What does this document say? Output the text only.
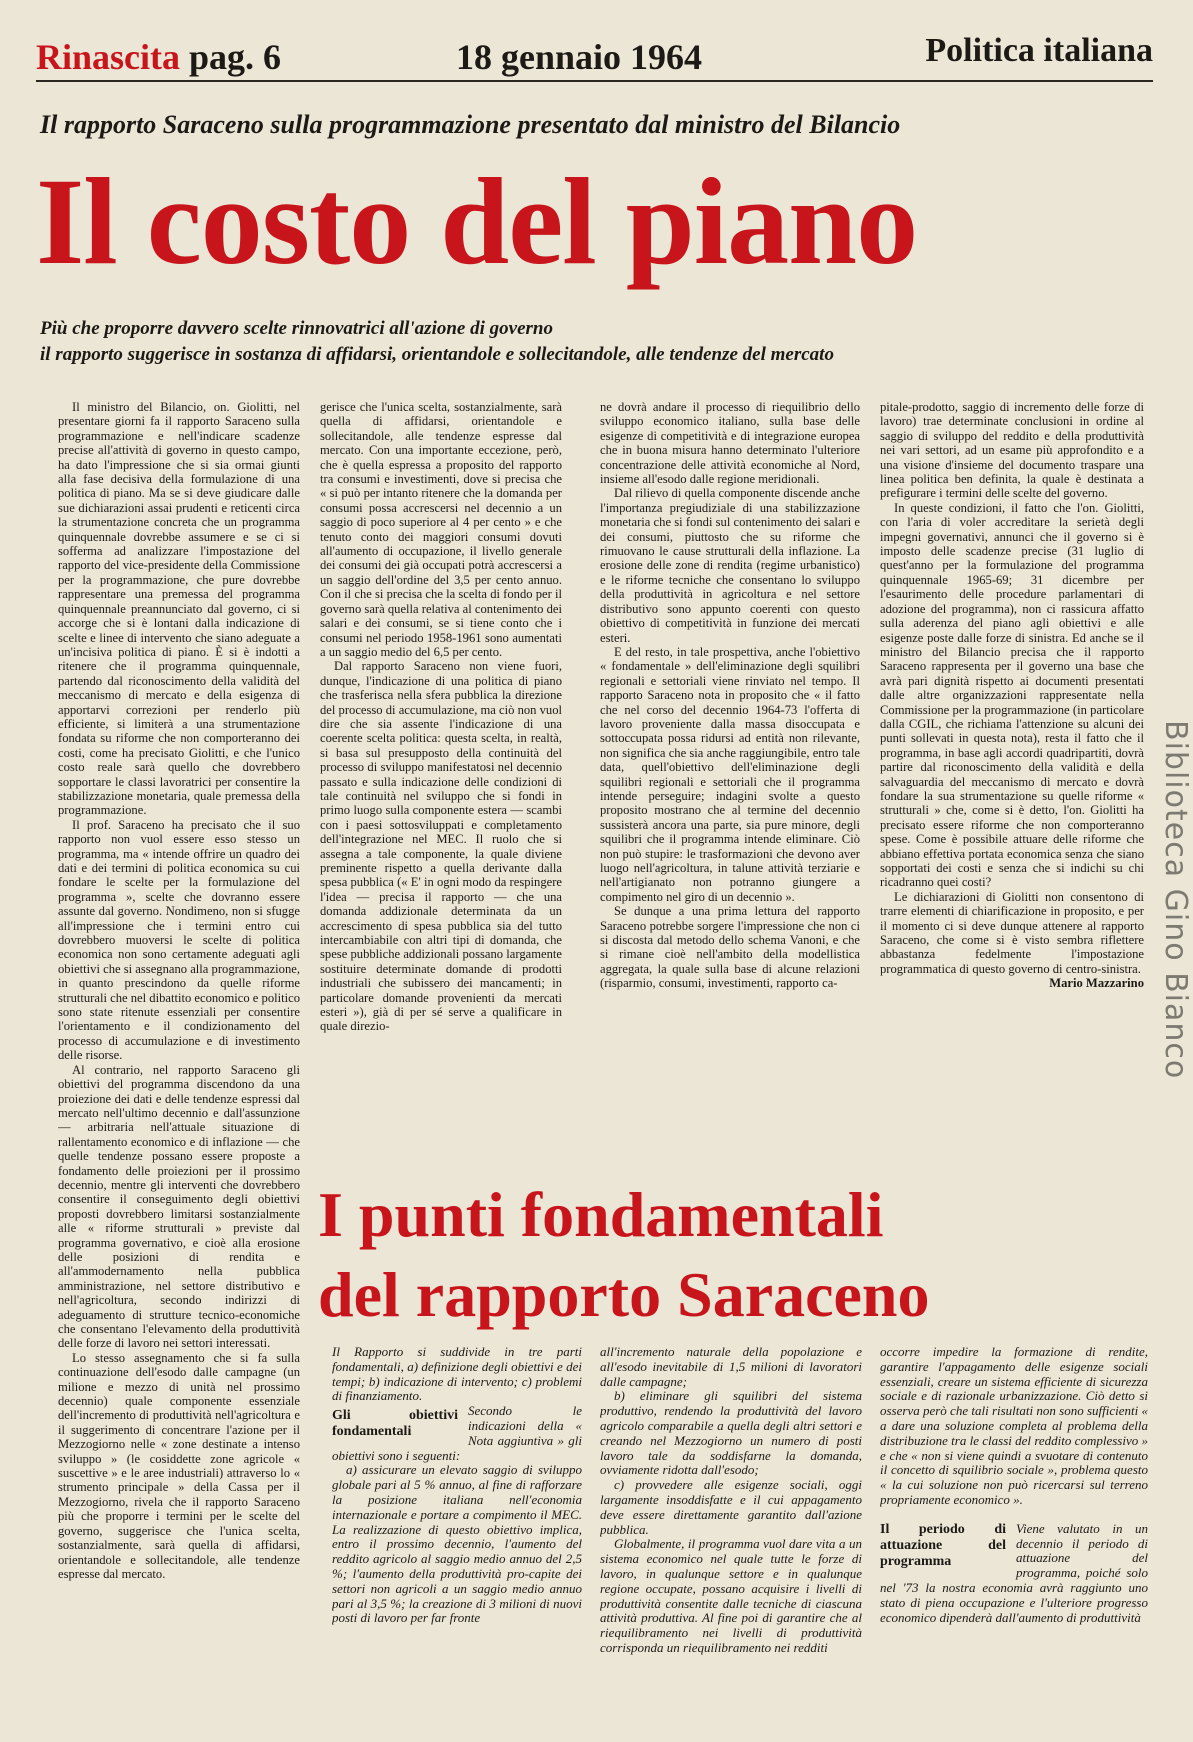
Rinascita pag. 6	18 gennaio 1964	Politica italiana
Il rapporto Saraceno sulla programmazione presentato dal ministro del Bilancio
Il costo del piano
Più che proporre davvero scelte rinnovatrici all'azione di governo
il rapporto suggerisce in sostanza di affidarsi, orientandole e sollecitandole, alle tendenze del mercato

Il ministro del Bilancio, on. Giolitti, nel presentare giorni fa il rapporto Saraceno sulla programmazione e nell'indicare scadenze precise all'attività di governo in questo campo, ha dato l'impressione che si sia ormai giunti alla fase decisiva della formulazione di una politica di piano. Ma se si deve giudicare dalle sue dichiarazioni assai prudenti e reticenti circa la strumentazione concreta che un programma quinquennale dovrebbe assumere e se ci si sofferma ad analizzare l'impostazione del rapporto del vice-presidente della Commissione per la programmazione, che pure dovrebbe rappresentare una premessa del programma quinquennale preannunciato dal governo, ci si accorge che si è lontani dalla indicazione di scelte e linee di intervento che siano adeguate a un'incisiva politica di piano. È si è indotti a ritenere che il programma quinquennale, partendo dal riconoscimento della validità del meccanismo di mercato e della esigenza di apportarvi correzioni per renderlo più efficiente, si limiterà a una strumentazione fondata su riforme che non comporteranno dei costi, come ha precisato Giolitti, e che l'unico costo reale sarà quello che dovrebbero sopportare le classi lavoratrici per consentire la stabilizzazione monetaria, quale premessa della programmazione.

Il prof. Saraceno ha precisato che il suo rapporto non vuol essere esso stesso un programma, ma « intende offrire un quadro dei dati e dei termini di politica economica su cui fondare le scelte per la formulazione del programma », scelte che dovranno essere assunte dal governo. Nondimeno, non si sfugge all'impressione che i termini entro cui dovrebbero muoversi le scelte di politica economica non sono certamente adeguati agli obiettivi che si assegnano alla programmazione, in quanto prescindono da quelle riforme strutturali che nel dibattito economico e politico sono state ritenute essenziali per consentire l'orientamento e il condizionamento del processo di accumulazione e di investimento delle risorse.

Al contrario, nel rapporto Saraceno gli obiettivi del programma discendono da una proiezione dei dati e delle tendenze espressi dal mercato nell'ultimo decennio e dall'assunzione — arbitraria nell'attuale situazione di rallentamento economico e di inflazione — che quelle tendenze possano essere proposte a fondamento delle proiezioni per il prossimo decennio, mentre gli interventi che dovrebbero consentire il conseguimento degli obiettivi proposti dovrebbero limitarsi sostanzialmente alle « riforme strutturali » previste dal programma governativo, e cioè alla erosione delle posizioni di rendita e all'ammodernamento nella pubblica amministrazione, nel settore distributivo e nell'agricoltura, secondo indirizzi di adeguamento di strutture tecnico-economiche che consentano l'elevamento della produttività delle forze di lavoro nei settori interessati.

Lo stesso assegnamento che si fa sulla continuazione dell'esodo dalle campagne (un milione e mezzo di unità nel prossimo decennio) quale componente essenziale dell'incremento di produttività nell'agricoltura e il suggerimento di concentrare l'azione per il Mezzogiorno nelle « zone destinate a intenso sviluppo » (le cosiddette zone agricole « suscettive » e le aree industriali) attraverso lo « strumento principale » della Cassa per il Mezzogiorno, rivela che il rapporto Saraceno più che proporre i termini per le scelte del governo, suggerisce che l'unica scelta, sostanzialmente, sarà quella di affidarsi, orientandole e sollecitandole, alle tendenze espresse dal mercato.

gerisce che l'unica scelta, sostanzialmente, sarà quella di affidarsi, orientandole e sollecitandole, alle tendenze espresse dal mercato. Con una importante eccezione, però, che è quella espressa a proposito del rapporto tra consumi e investimenti, dove si precisa che « si può per intanto ritenere che la domanda per consumi possa accrescersi nel decennio a un saggio di poco superiore al 4 per cento » e che tenuto conto dei maggiori consumi dovuti all'aumento di occupazione, il livello generale dei consumi dei già occupati potrà accrescersi a un saggio dell'ordine del 3,5 per cento annuo. Con il che si precisa che la scelta di fondo per il governo sarà quella relativa al contenimento dei salari e dei consumi, se si tiene conto che i consumi nel periodo 1958-1961 sono aumentati a un saggio medio del 6,5 per cento.

Dal rapporto Saraceno non viene fuori, dunque, l'indicazione di una politica di piano che trasferisca nella sfera pubblica la direzione del processo di accumulazione, ma ciò non vuol dire che sia assente l'indicazione di una coerente scelta politica: questa scelta, in realtà, si basa sul presupposto della continuità del processo di sviluppo manifestatosi nel decennio passato e sulla indicazione delle condizioni di tale continuità nel sviluppo che si fondi in primo luogo sulla componente estera — scambi con i paesi sottosviluppati e completamento dell'integrazione nel MEC. Il ruolo che si assegna a tale componente, la quale diviene preminente rispetto a quella derivante dalla spesa pubblica (« E' in ogni modo da respingere l'idea — precisa il rapporto — che una domanda addizionale determinata da un accrescimento di spesa pubblica sia del tutto intercambiabile con altri tipi di domanda, che spese pubbliche addizionali possano largamente sostituire determinate domande di prodotti industriali che subissero dei mancamenti; in particolare domande provenienti da mercati esteri »), già di per sé serve a qualificare in quale direzio-

ne dovrà andare il processo di riequilibrio dello sviluppo economico italiano, sulla base delle esigenze di competitività e di integrazione europea che in buona misura hanno determinato l'ulteriore concentrazione delle attività economiche al Nord, insieme all'esodo dalle regione meridionali.

Dal rilievo di quella componente discende anche l'importanza pregiudiziale di una stabilizzazione monetaria che si fondi sul contenimento dei salari e dei consumi, piuttosto che su riforme che rimuovano le cause strutturali della inflazione. La erosione delle zone di rendita (regime urbanistico) e le riforme tecniche che consentano lo sviluppo della produttività in agricoltura e nel settore distributivo sono appunto coerenti con questo obiettivo di competitività in funzione dei mercati esteri.

E del resto, in tale prospettiva, anche l'obiettivo « fondamentale » dell'eliminazione degli squilibri regionali e settoriali viene rinviato nel tempo. Il rapporto Saraceno nota in proposito che « il fatto che nel corso del decennio 1964-73 l'offerta di lavoro proveniente dalla massa disoccupata e sottoccupata possa ridursi ad entità non rilevante, non significa che sia anche raggiungibile, entro tale data, quell'obiettivo dell'eliminazione degli squilibri regionali e settoriali che il programma intende perseguire; indagini svolte a questo proposito mostrano che al termine del decennio sussisterà ancora una parte, sia pure minore, degli squilibri che il programma intende eliminare. Ciò non può stupire: le trasformazioni che devono aver luogo nell'agricoltura, in talune attività terziarie e nell'artigianato non potranno giungere a compimento nel giro di un decennio ».

Se dunque a una prima lettura del rapporto Saraceno potrebbe sorgere l'impressione che non ci si discosta dal metodo dello schema Vanoni, e che si rimane cioè nell'ambito della modellistica aggregata, la quale sulla base di alcune relazioni (risparmio, consumi, investimenti, rapporto ca-

pitale-prodotto, saggio di incremento delle forze di lavoro) trae determinate conclusioni in ordine al saggio di sviluppo del reddito e della produttività nei vari settori, ad un esame più approfondito e a una visione d'insieme del documento traspare una linea politica ben definita, la quale è destinata a prefigurare i termini delle scelte del governo.

In queste condizioni, il fatto che l'on. Giolitti, con l'aria di voler accreditare la serietà degli impegni governativi, annunci che il governo si è imposto delle scadenze precise (31 luglio di quest'anno per la formulazione del programma quinquennale 1965-69; 31 dicembre per l'esaurimento delle procedure parlamentari di adozione del programma), non ci rassicura affatto sulla aderenza del piano agli obiettivi e alle esigenze poste dalle forze di sinistra. Ed anche se il ministro del Bilancio precisa che il rapporto Saraceno rappresenta per il governo una base che avrà pari dignità rispetto ai documenti presentati dalle altre organizzazioni rappresentate nella Commissione per la programmazione (in particolare dalla CGIL, che richiama l'attenzione su alcuni dei punti sollevati in questa nota), resta il fatto che il programma, in base agli accordi quadripartiti, dovrà partire dal riconoscimento della validità e della salvaguardia del meccanismo di mercato e dovrà fondare la sua strumentazione su quelle riforme « strutturali » che, come si è detto, l'on. Giolitti ha precisato essere riforme che non comporteranno spese. Come è possibile attuare delle riforme che abbiano effettiva portata economica senza che siano sopportati dei costi e senza che si indichi su chi ricadranno quei costi?

Le dichiarazioni di Giolitti non consentono di trarre elementi di chiarificazione in proposito, e per il momento ci si deve dunque attenere al rapporto Saraceno, che come si è visto sembra riflettere abbastanza fedelmente l'impostazione programmatica di questo governo di centro-sinistra.

Mario Mazzarino

I punti fondamentali
del rapporto Saraceno

Il Rapporto si suddivide in tre parti fondamentali, a) definizione degli obiettivi e dei tempi; b) indicazione di intervento; c) problemi di finanziamento.

Gli obiettivi fondamentali

Secondo le indicazioni della « Nota aggiuntiva » gli obiettivi sono i seguenti:

a) assicurare un elevato saggio di sviluppo globale pari al 5 % annuo, al fine di rafforzare la posizione italiana nell'economia internazionale e portare a compimento il MEC. La realizzazione di questo obiettivo implica, entro il prossimo decennio, l'aumento del reddito agricolo al saggio medio annuo del 2,5 %; l'aumento della produttività pro-capite dei settori non agricoli a un saggio medio annuo pari al 3,5 %; la creazione di 3 milioni di nuovi posti di lavoro per far fronte

all'incremento naturale della popolazione e all'esodo inevitabile di 1,5 milioni di lavoratori dalle campagne;

b) eliminare gli squilibri del sistema produttivo, rendendo la produttività del lavoro agricolo comparabile a quella degli altri settori e creando nel Mezzogiorno un numero di posti lavoro tale da soddisfarne la domanda, ovviamente ridotta dall'esodo;

c) provvedere alle esigenze sociali, oggi largamente insoddisfatte e il cui appagamento deve essere direttamente garantito dall'azione pubblica.

Globalmente, il programma vuol dare vita a un sistema economico nel quale tutte le forze di lavoro, in qualunque settore e in qualunque regione occupate, possano acquisire i livelli di produttività consentite dalle tecniche di ciascuna attività produttiva. Al fine poi di garantire che al riequilibramento nei livelli di produttività corrisponda un riequilibramento nei redditi

occorre impedire la formazione di rendite, garantire l'appagamento delle esigenze sociali essenziali, creare un sistema efficiente di sicurezza sociale e di razionale urbanizzazione. Ciò detto si osserva però che tali risultati non sono sufficienti « a dare una soluzione completa al problema della distribuzione tra le classi del reddito complessivo » e che « non si viene quindi a svuotare di contenuto il concetto di squilibrio sociale », problema questo « la cui soluzione non può ricercarsi sul terreno propriamente economico ».

Il periodo di attuazione del programma

Viene valutato in un decennio il periodo di attuazione del programma, poiché solo nel '73 la nostra economia avrà raggiunto uno stato di piena occupazione e l'ulteriore progresso economico dipenderà dall'aumento di produttività

Biblioteca Gino Bianco
